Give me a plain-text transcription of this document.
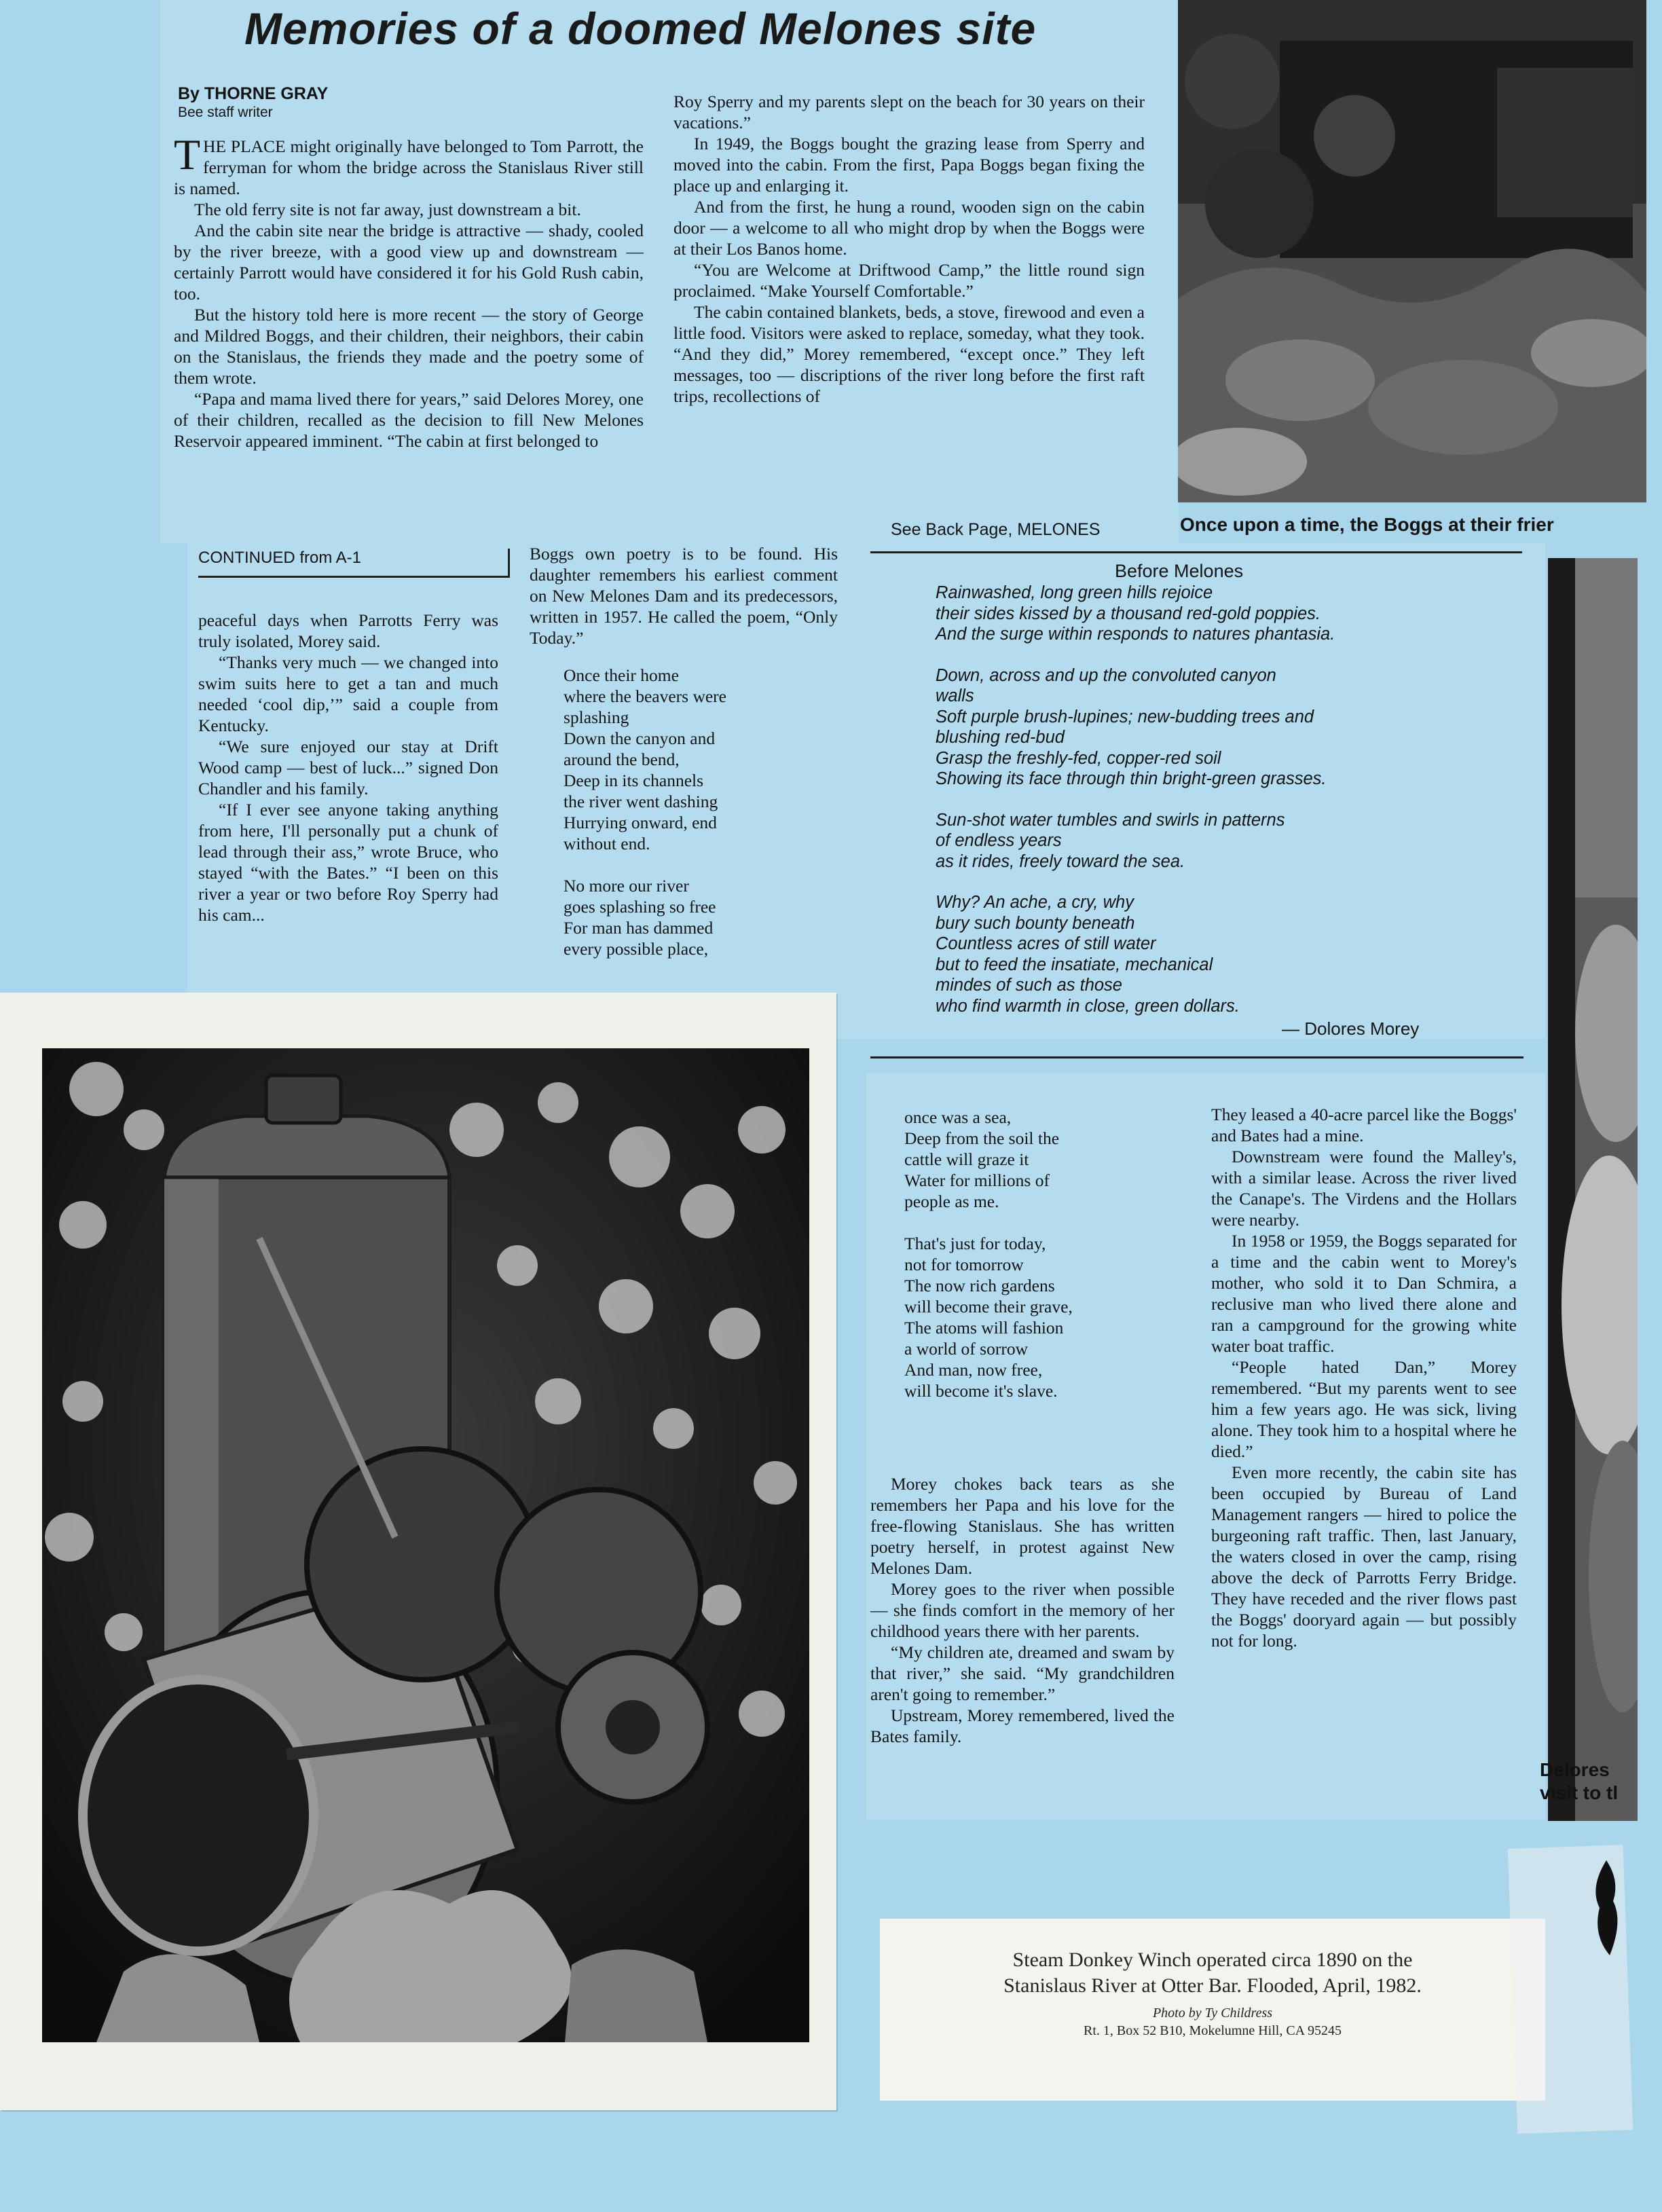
Memories of a doomed Melones site
By THORNE GRAY
Bee staff writer

THE PLACE might originally have belonged to Tom Parrott, the ferryman for whom the bridge across the Stanislaus River still is named.

The old ferry site is not far away, just downstream a bit.

And the cabin site near the bridge is attractive — shady, cooled by the river breeze, with a good view up and downstream — certainly Parrott would have considered it for his Gold Rush cabin, too.

But the history told here is more recent — the story of George and Mildred Boggs, and their children, their neighbors, their cabin on the Stanislaus, the friends they made and the poetry some of them wrote.

“Papa and mama lived there for years,” said Delores Morey, one of their children, recalled as the decision to fill New Melones Reservoir appeared imminent. “The cabin at first belonged to

Roy Sperry and my parents slept on the beach for 30 years on their vacations.”

In 1949, the Boggs bought the grazing lease from Sperry and moved into the cabin. From the first, Papa Boggs began fixing the place up and enlarging it.

And from the first, he hung a round, wooden sign on the cabin door — a welcome to all who might drop by when the Boggs were at their Los Banos home.

“You are Welcome at Driftwood Camp,” the little round sign proclaimed. “Make Yourself Comfortable.”

The cabin contained blankets, beds, a stove, firewood and even a little food. Visitors were asked to replace, someday, what they took. “And they did,” Morey remembered, “except once.” They left messages, too — discriptions of the river long before the first raft trips, recollections of

See Back Page, MELONES	Once upon a time, the Boggs at their frier
CONTINUED from A-1

peaceful days when Parrotts Ferry was truly isolated, Morey said.

“Thanks very much — we changed into swim suits here to get a tan and much needed ‘cool dip,’” said a couple from Kentucky.

“We sure enjoyed our stay at Drift Wood camp — best of luck...” signed Don Chandler and his family.

“If I ever see anyone taking anything from here, I'll personally put a chunk of lead through their ass,” wrote Bruce, who stayed “with the Bates.” “I been on this river a year or two before Roy Sperry had his cam...

Boggs own poetry is to be found. His daughter remembers his earliest comment on New Melones Dam and its predecessors, written in 1957. He called the poem, “Only Today.”

Once their home
where the beavers were
splashing
Down the canyon and
around the bend,
Deep in its channels
the river went dashing
Hurrying onward, end
without end.
No more our river
goes splashing so free
For man has dammed
every possible place,
Before Melones
Rainwashed, long green hills rejoice
their sides kissed by a thousand red-gold poppies.
And the surge within responds to natures phantasia.
Down, across and up the convoluted canyon
walls
Soft purple brush-lupines; new-budding trees and
blushing red-bud
Grasp the freshly-fed, copper-red soil
Showing its face through thin bright-green grasses.
Sun-shot water tumbles and swirls in patterns
of endless years
as it rides, freely toward the sea.
Why? An ache, a cry, why
bury such bounty beneath
Countless acres of still water
but to feed the insatiate, mechanical
mindes of such as those
who find warmth in close, green dollars.
— Dolores Morey
Delores
visit to tl
once was a sea,
Deep from the soil the
cattle will graze it
Water for millions of
people as me.
That's just for today,
not for tomorrow
The now rich gardens
will become their grave,
The atoms will fashion
a world of sorrow
And man, now free,
will become it's slave.

Morey chokes back tears as she remembers her Papa and his love for the free-flowing Stanislaus. She has written poetry herself, in protest against New Melones Dam.

Morey goes to the river when possible — she finds comfort in the memory of her childhood years there with her parents.

“My children ate, dreamed and swam by that river,” she said. “My grandchildren aren't going to remember.”

Upstream, Morey remembered, lived the Bates family.

They leased a 40-acre parcel like the Boggs' and Bates had a mine.

Downstream were found the Malley's, with a similar lease. Across the river lived the Canape's. The Virdens and the Hollars were nearby.

In 1958 or 1959, the Boggs separated for a time and the cabin went to Morey's mother, who sold it to Dan Schmira, a reclusive man who lived there alone and ran a campground for the growing white water boat traffic.

“People hated Dan,” Morey remembered. “But my parents went to see him a few years ago. He was sick, living alone. They took him to a hospital where he died.”

Even more recently, the cabin site has been occupied by Bureau of Land Management rangers — hired to police the burgeoning raft traffic. Then, last January, the waters closed in over the camp, rising above the deck of Parrotts Ferry Bridge. They have receded and the river flows past the Boggs' dooryard again — but possibly not for long.

Steam Donkey Winch operated circa 1890 on the
Stanislaus River at Otter Bar. Flooded, April, 1982.
Photo by Ty Childress
Rt. 1, Box 52 B10, Mokelumne Hill, CA 95245
